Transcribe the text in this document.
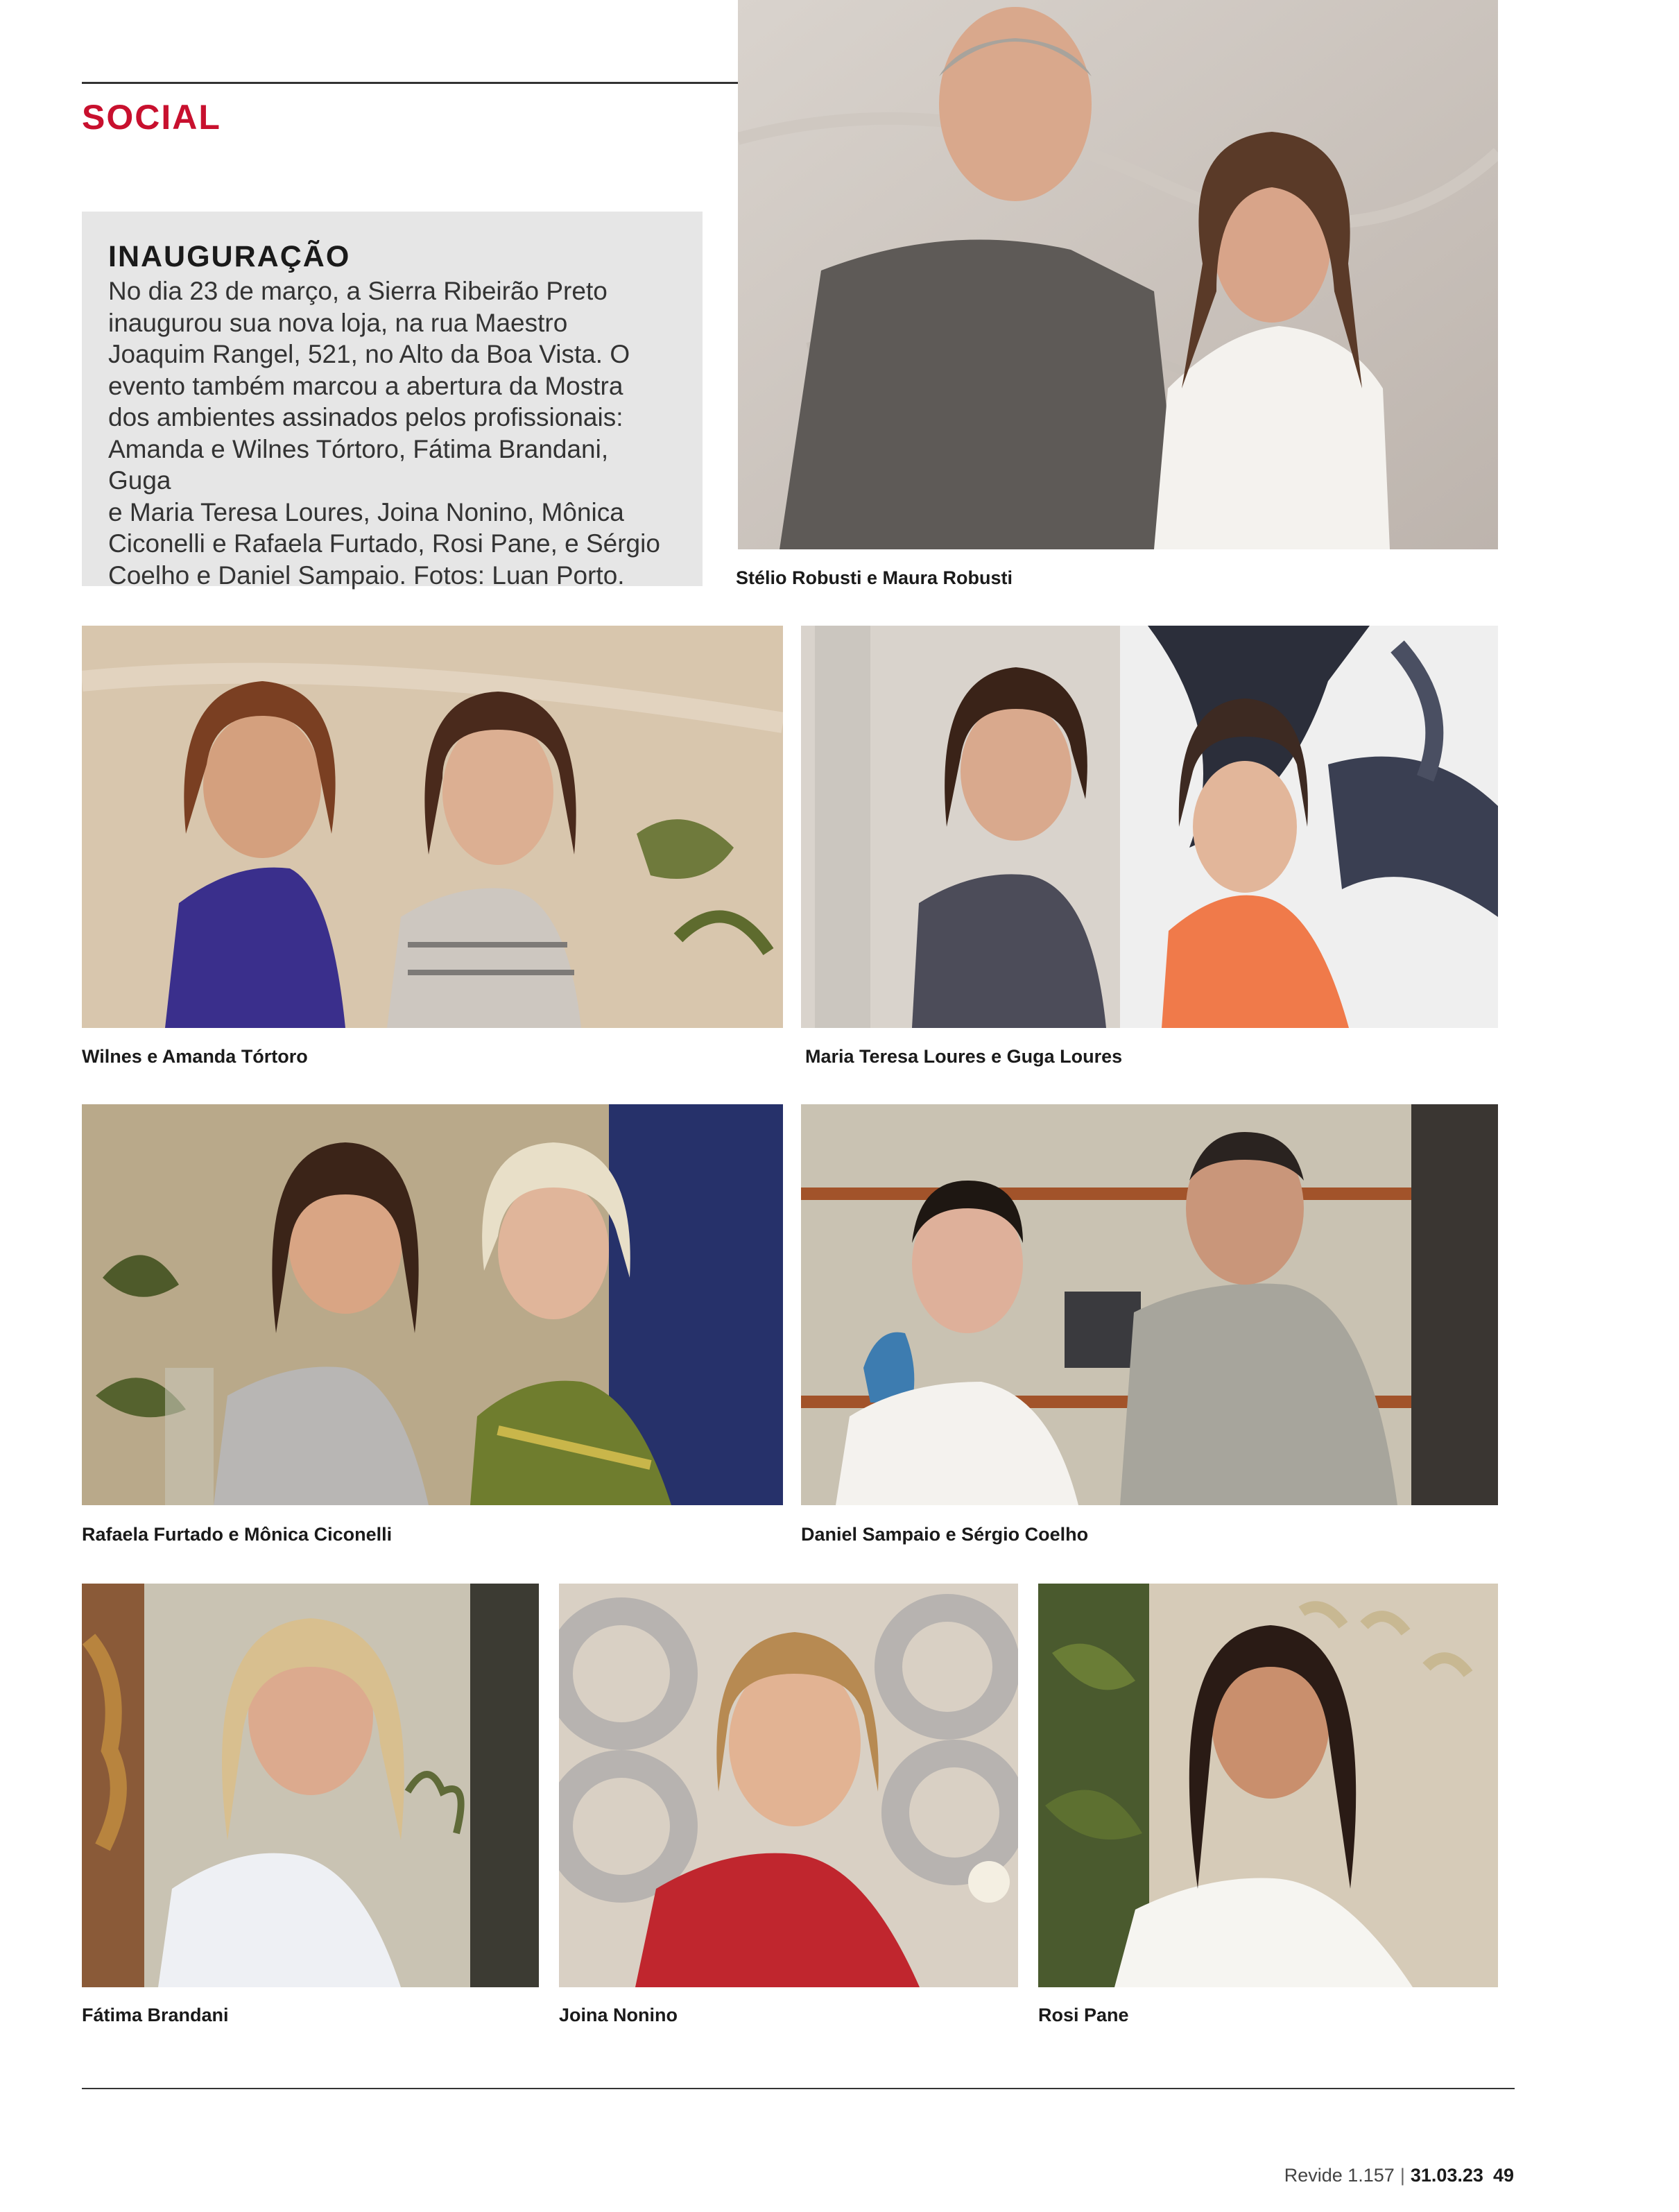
SOCIAL
INAUGURAÇÃO
No dia 23 de março, a Sierra Ribeirão Preto
inaugurou sua nova loja, na rua Maestro
Joaquim Rangel, 521, no Alto da Boa Vista. O
evento também marcou a abertura da Mostra
dos ambientes assinados pelos profissionais:
Amanda e Wilnes Tórtoro, Fátima Brandani, Guga
e Maria Teresa Loures, Joina Nonino, Mônica
Ciconelli e Rafaela Furtado, Rosi Pane, e Sérgio
Coelho e Daniel Sampaio. Fotos: Luan Porto.	Stélio Robusti e Maura Robusti
Wilnes e Amanda Tórtoro	Maria Teresa Loures e Guga Loures
Rafaela Furtado e Mônica Ciconelli	Daniel Sampaio e Sérgio Coelho
Fátima Brandani	Joina Nonino	Rosi Pane
Revide 1.157 | 31.03.23 49
